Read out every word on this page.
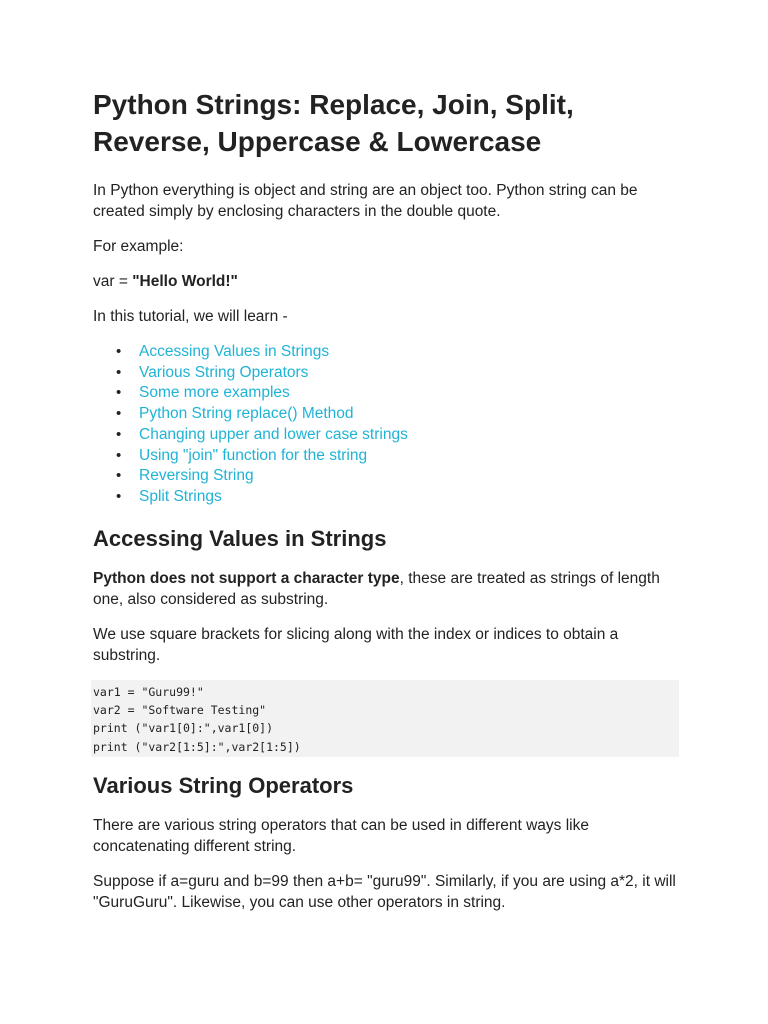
Python Strings: Replace, Join, Split, Reverse, Uppercase & Lowercase

In Python everything is object and string are an object too. Python string can be created simply by enclosing characters in the double quote.

For example:

var = "Hello World!"

In this tutorial, we will learn -

• Accessing Values in Strings
• Various String Operators
• Some more examples
• Python String replace() Method
• Changing upper and lower case strings
• Using "join" function for the string
• Reversing String
• Split Strings
Accessing Values in Strings

Python does not support a character type, these are treated as strings of length one, also considered as substring.

We use square brackets for slicing along with the index or indices to obtain a substring.

var1 = "Guru99!"
var2 = "Software Testing"
print ("var1[0]:",var1[0])
print ("var2[1:5]:",var2[1:5])
Various String Operators

There are various string operators that can be used in different ways like concatenating different string.

Suppose if a=guru and b=99 then a+b= "guru99". Similarly, if you are using a*2, it will "GuruGuru". Likewise, you can use other operators in string.
